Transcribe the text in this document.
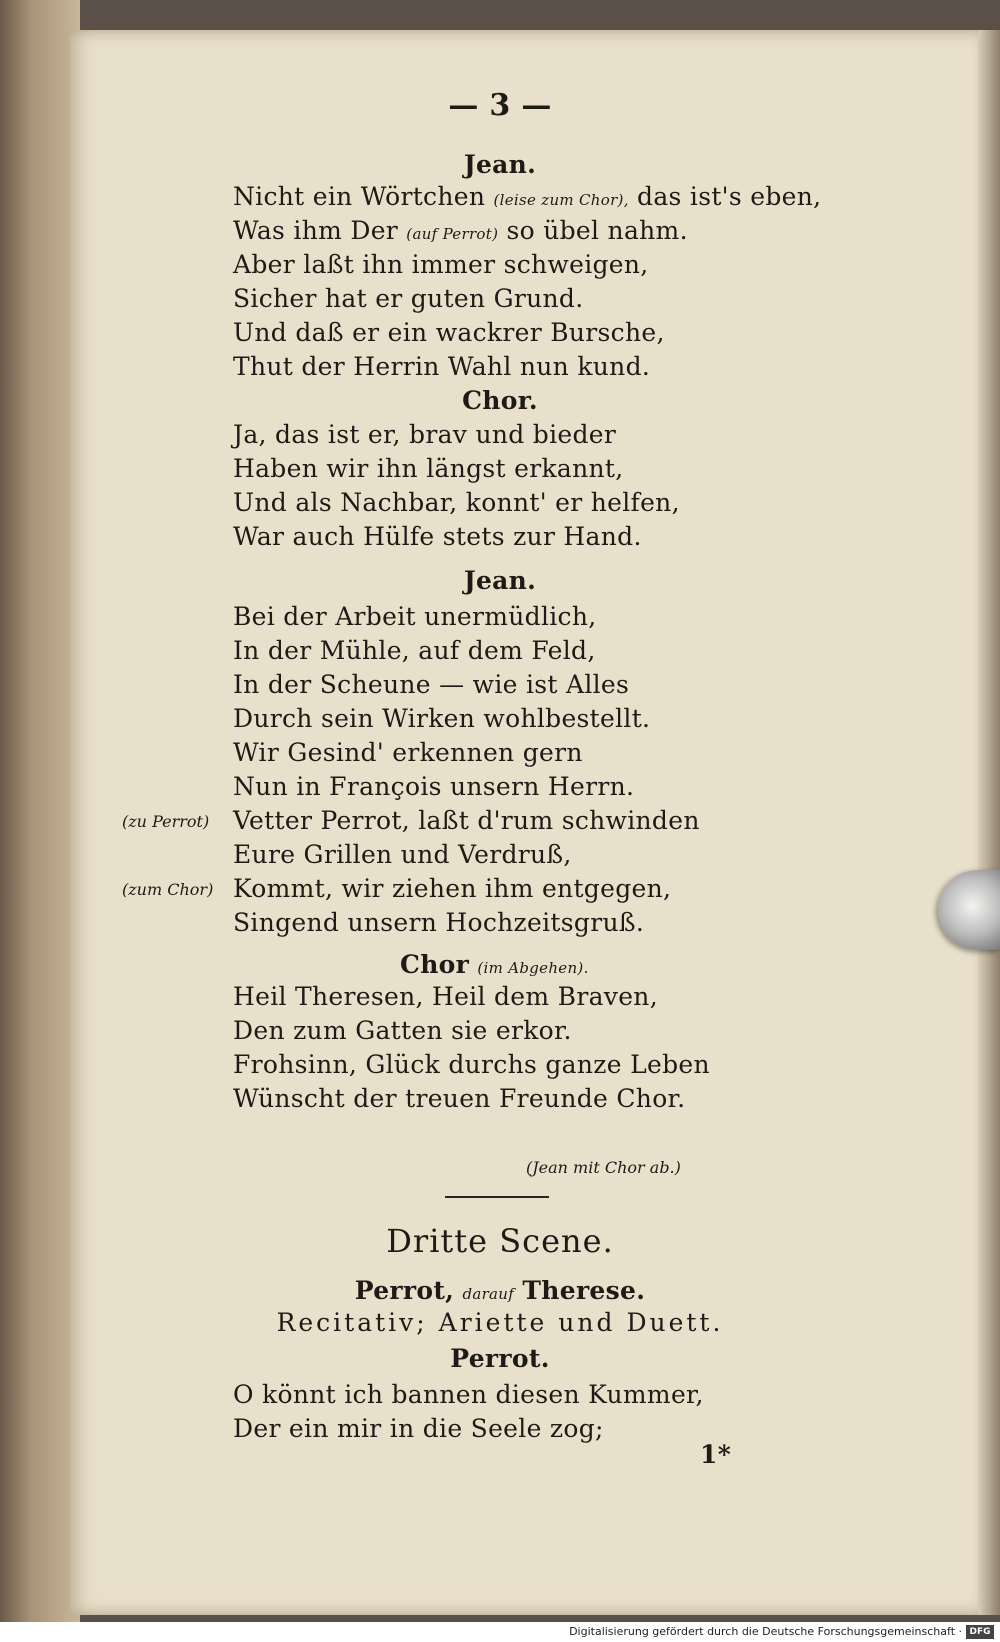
— 3 —
Jean.
Nicht ein Wörtchen (leise zum Chor), das ist's eben,
Was ihm Der (auf Perrot) so übel nahm.
Aber laßt ihn immer schweigen,
Sicher hat er guten Grund.
Und daß er ein wackrer Bursche,
Thut der Herrin Wahl nun kund.
Chor.
Ja, das ist er, brav und bieder
Haben wir ihn längst erkannt,
Und als Nachbar, konnt' er helfen,
War auch Hülfe stets zur Hand.
Jean.
Bei der Arbeit unermüdlich,
In der Mühle, auf dem Feld,
In der Scheune — wie ist Alles
Durch sein Wirken wohlbestellt.
Wir Gesind' erkennen gern
Nun in François unsern Herrn.
(zu Perrot) Vetter Perrot, laßt d'rum schwinden
Eure Grillen und Verdruß,
(zum Chor) Kommt, wir ziehen ihm entgegen,
Singend unsern Hochzeitsgruß.
Chor (im Abgehen).
Heil Theresen, Heil dem Braven,
Den zum Gatten sie erkor.
Frohsinn, Glück durchs ganze Leben
Wünscht der treuen Freunde Chor.
(Jean mit Chor ab.)
Dritte Scene.
Perrot, darauf Therese.
Recitativ; Ariette und Duett.
Perrot.
O könnt ich bannen diesen Kummer,
Der ein mir in die Seele zog;
1*
Digitalisierung gefördert durch die Deutsche Forschungsgemeinschaft · DFG
